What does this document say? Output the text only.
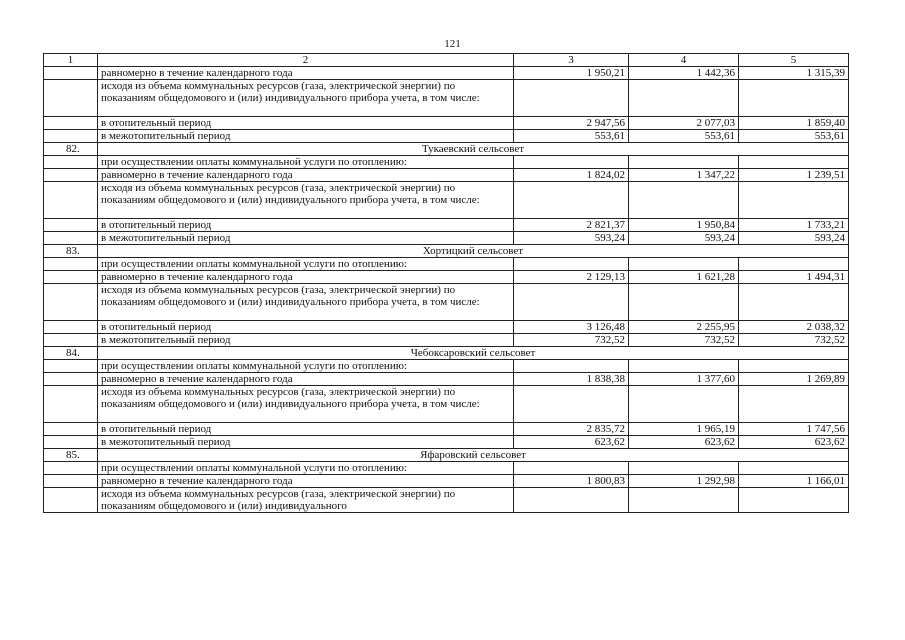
121
1	2	3	4	5
	равномерно в течение календарного года	1 950,21	1 442,36	1 315,39
	исходя из объема коммунальных ресурсов (газа, электрической энергии) по показаниям общедомового и (или) индивидуального прибора учета, в том числе:			
	в отопительный период	2 947,56	2 077,03	1 859,40
	в межотопительный период	553,61	553,61	553,61
82.	Тукаевский сельсовет			
	при осуществлении оплаты коммунальной услуги по отоплению:			
	равномерно в течение календарного года	1 824,02	1 347,22	1 239,51
	исходя из объема коммунальных ресурсов (газа, электрической энергии) по показаниям общедомового и (или) индивидуального прибора учета, в том числе:			
	в отопительный период	2 821,37	1 950,84	1 733,21
	в межотопительный период	593,24	593,24	593,24
83.	Хортицкий сельсовет			
	при осуществлении оплаты коммунальной услуги по отоплению:			
	равномерно в течение календарного года	2 129,13	1 621,28	1 494,31
	исходя из объема коммунальных ресурсов (газа, электрической энергии) по показаниям общедомового и (или) индивидуального прибора учета, в том числе:			
	в отопительный период	3 126,48	2 255,95	2 038,32
	в межотопительный период	732,52	732,52	732,52
84.	Чебоксаровский сельсовет			
	при осуществлении оплаты коммунальной услуги по отоплению:			
	равномерно в течение календарного года	1 838,38	1 377,60	1 269,89
	исходя из объема коммунальных ресурсов (газа, электрической энергии) по показаниям общедомового и (или) индивидуального прибора учета, в том числе:			
	в отопительный период	2 835,72	1 965,19	1 747,56
	в межотопительный период	623,62	623,62	623,62
85.	Яфаровский сельсовет			
	при осуществлении оплаты коммунальной услуги по отоплению:			
	равномерно в течение календарного года	1 800,83	1 292,98	1 166,01
	исходя из объема коммунальных ресурсов (газа, электрической энергии) по показаниям общедомового и (или) индивидуального			
